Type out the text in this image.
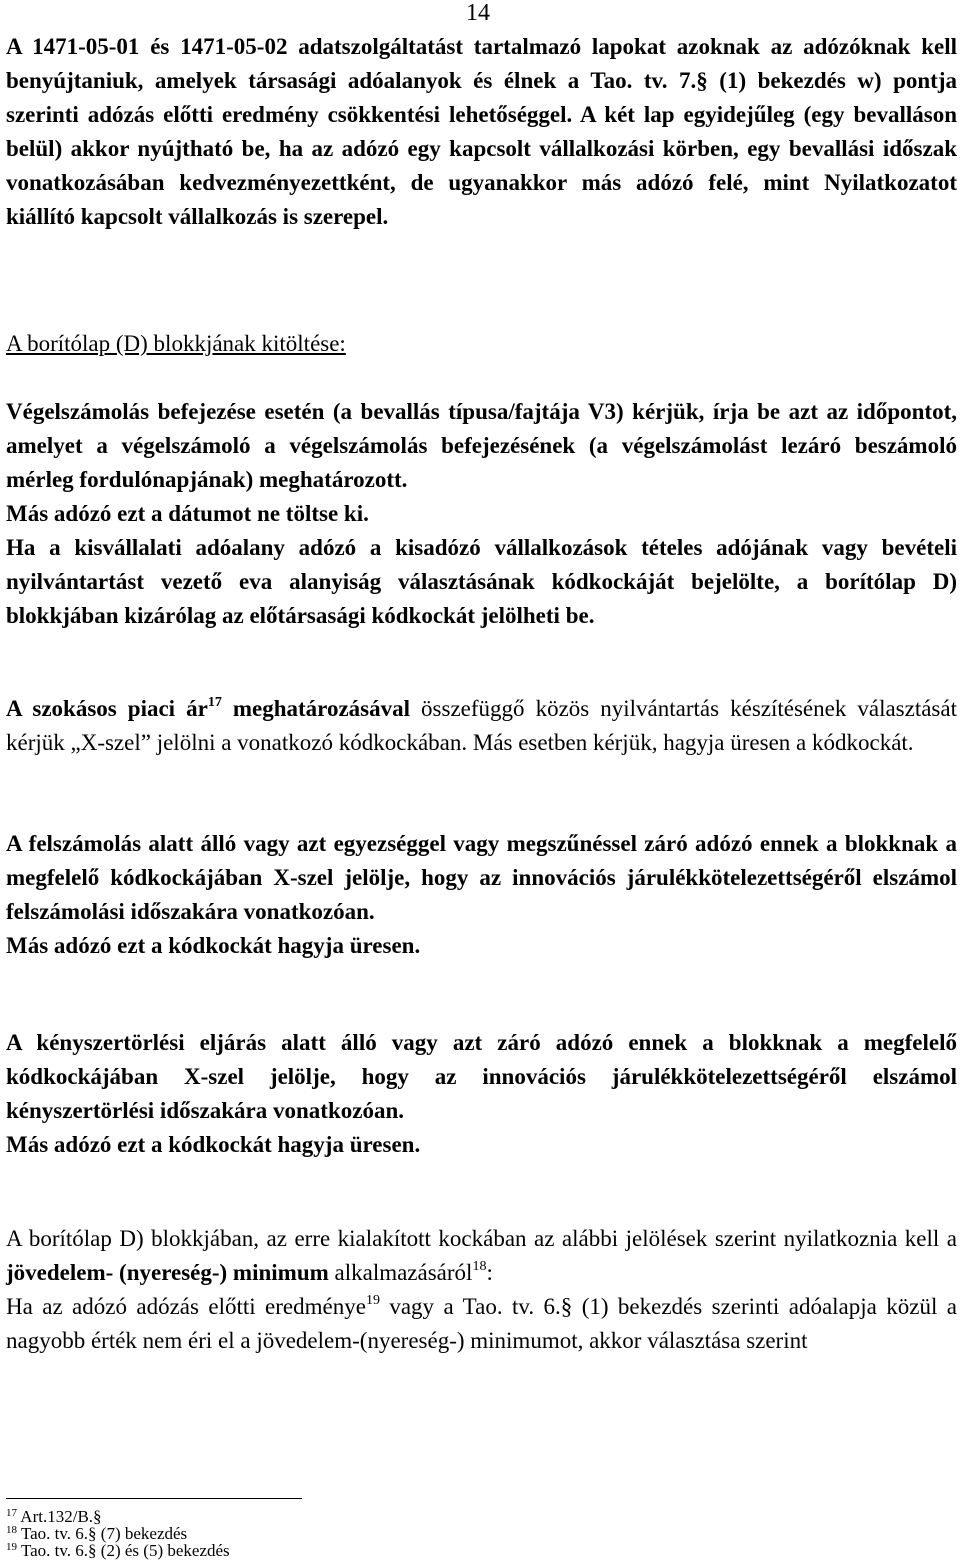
14
A 1471-05-01 és 1471-05-02 adatszolgáltatást tartalmazó lapokat azoknak az adózóknak kell benyújtaniuk, amelyek társasági adóalanyok és élnek a Tao. tv. 7.§ (1) bekezdés w) pontja szerinti adózás előtti eredmény csökkentési lehetőséggel. A két lap egyidejűleg (egy bevalláson belül) akkor nyújtható be, ha az adózó egy kapcsolt vállalkozási körben, egy bevallási időszak vonatkozásában kedvezményezettként, de ugyanakkor más adózó felé, mint Nyilatkozatot kiállító kapcsolt vállalkozás is szerepel.
A borítólap (D) blokkjának kitöltése:
Végelszámolás befejezése esetén (a bevallás típusa/fajtája V3) kérjük, írja be azt az időpontot, amelyet a végelszámoló a végelszámolás befejezésének (a végelszámolást lezáró beszámoló mérleg fordulónapjának) meghatározott.
Más adózó ezt a dátumot ne töltse ki.
Ha a kisvállalati adóalany adózó a kisadózó vállalkozások tételes adójának vagy bevételi nyilvántartást vezető eva alanyiság választásának kódkockáját bejelölte, a borítólap D) blokkjában kizárólag az előtársasági kódkockát jelölheti be.
A szokásos piaci $ár^{17}$ meghatározásával összefüggő közös nyilvántartás készítésének választását kérjük „X-szel” jelölni a vonatkozó kódkockában. Más esetben kérjük, hagyja üresen a kódkockát.
A felszámolás alatt álló vagy azt egyezséggel vagy megszűnéssel záró adózó ennek a blokknak a megfelelő kódkockájában X-szel jelölje, hogy az innovációs járulékkötelezettségéről elszámol felszámolási időszakára vonatkozóan.
Más adózó ezt a kódkockát hagyja üresen.
A kényszertörlési eljárás alatt álló vagy azt záró adózó ennek a blokknak a megfelelő kódkockájában X-szel jelölje, hogy az innovációs járulékkötelezettségéről elszámol kényszertörlési időszakára vonatkozóan.
Más adózó ezt a kódkockát hagyja üresen.
A borítólap D) blokkjában, az erre kialakított kockában az alábbi jelölések szerint nyilatkoznia kell a jövedelem- (nyereség-) minimum alkalmazásáról$^{18}$:
Ha az adózó adózás előtti eredménye$^{19}$ vagy a Tao. tv. 6.§ (1) bekezdés szerinti adóalapja közül a nagyobb érték nem éri el a jövedelem-(nyereség-) minimumot, akkor választása szerint
$^{17}$ Art.132/B.§
$^{18}$ Tao. tv. 6.§ (7) bekezdés
$^{19}$ Tao. tv. 6.§ (2) és (5) bekezdés
